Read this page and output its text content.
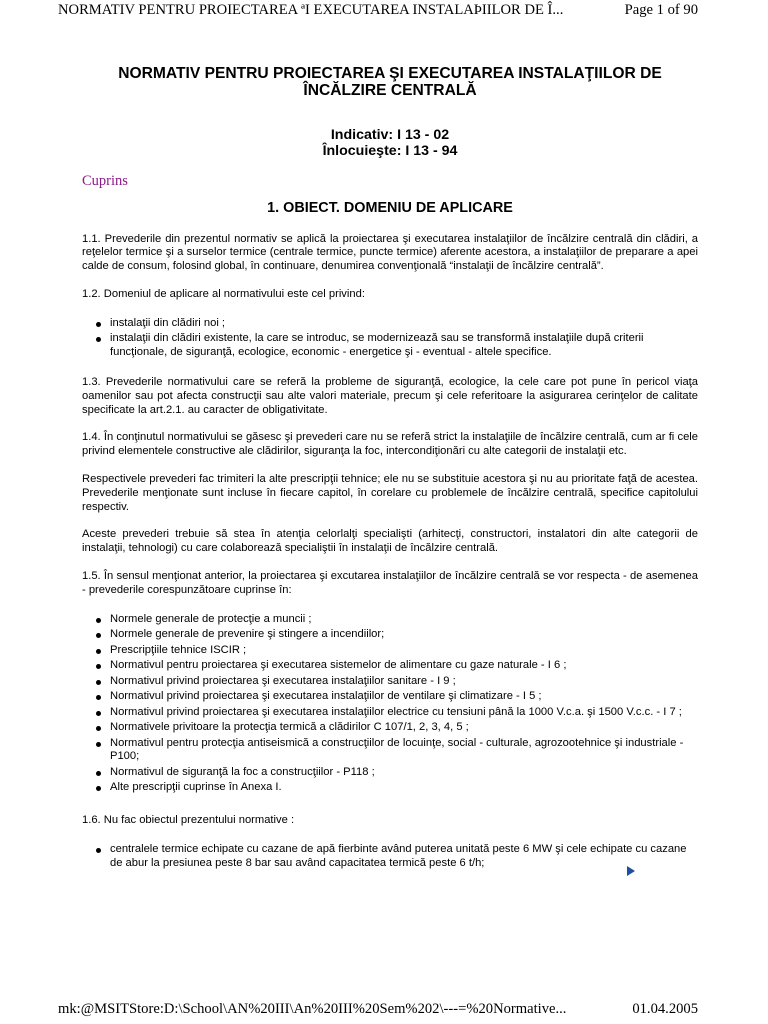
NORMATIV PENTRU PROIECTAREA ªI EXECUTAREA INSTALAÞIILOR DE Î...	Page 1 of 90
NORMATIV PENTRU PROIECTAREA ŞI EXECUTAREA INSTALAŢIILOR DE ÎNCĂLZIRE CENTRALĂ
Indicativ: I 13 - 02
Înlocuieşte: I 13 - 94
Cuprins
1. OBIECT. DOMENIU DE APLICARE

1.1. Prevederile din prezentul normativ se aplică la proiectarea şi executarea instalaţiilor de încălzire centrală din clădiri, a reţelelor termice şi a surselor termice (centrale termice, puncte termice) aferente acestora, a instalaţiilor de preparare a apei calde de consum, folosind global, în continuare, denumirea convenţională “instalaţii de încălzire centrală”.

1.2. Domeniul de aplicare al normativului este cel privind:

instalaţii din clădiri noi ;
instalaţii din clădiri existente, la care se introduc, se modernizează sau se transformă instalaţiile după criterii funcţionale, de siguranţă, ecologice, economic - energetice şi - eventual - altele specifice.

1.3. Prevederile normativului care se referă la probleme de siguranţă, ecologice, la cele care pot pune în pericol viaţa oamenilor sau pot afecta construcţii sau alte valori materiale, precum şi cele referitoare la asigurarea cerinţelor de calitate specificate la art.2.1. au caracter de obligativitate.

1.4. În conţinutul normativului se găsesc şi prevederi care nu se referă strict la instalaţiile de încălzire centrală, cum ar fi cele privind elementele constructive ale clădirilor, siguranţa la foc, intercondiţionări cu alte categorii de instalaţii etc.

Respectivele prevederi fac trimiteri la alte prescripţii tehnice; ele nu se substituie acestora şi nu au prioritate faţă de acestea. Prevederile menţionate sunt incluse în fiecare capitol, în corelare cu problemele de încălzire centrală, specifice capitolului respectiv.

Aceste prevederi trebuie să stea în atenţia celorlalţi specialişti (arhitecţi, constructori, instalatori din alte categorii de instalaţii, tehnologi) cu care colaborează specialiştii în instalaţii de încălzire centrală.

1.5. În sensul menţionat anterior, la proiectarea şi excutarea instalaţiilor de încălzire centrală se vor respecta - de asemenea - prevederile corespunzătoare cuprinse în:

Normele generale de protecţie a muncii ;
Normele generale de prevenire şi stingere a incendiilor;
Prescripţiile tehnice ISCIR ;
Normativul pentru proiectarea şi executarea sistemelor de alimentare cu gaze naturale - I 6 ;
Normativul privind proiectarea şi executarea instalaţiilor sanitare - I 9 ;
Normativul privind proiectarea şi executarea instalaţiilor de ventilare şi climatizare - I 5 ;
Normativul privind proiectarea şi executarea instalaţiilor electrice cu tensiuni până la 1000 V.c.a. şi 1500 V.c.c. - I 7 ;
Normativele privitoare la protecţia termică a clădirilor C 107/1, 2, 3, 4, 5 ;
Normativul pentru protecţia antiseismică a construcţiilor de locuinţe, social - culturale, agrozootehnice şi industriale - P100;
Normativul de siguranţă la foc a construcţiilor - P118 ;
Alte prescripţii cuprinse în Anexa I.

1.6. Nu fac obiectul prezentului normative :

centralele termice echipate cu cazane de apă fierbinte având puterea unitată peste 6 MW şi cele echipate cu cazane de abur la presiunea peste 8 bar sau având capacitatea termică peste 6 t/h;
mk:@MSITStore:D:\School\AN%20III\An%20III%20Sem%202\---=%20Normative...	01.04.2005
